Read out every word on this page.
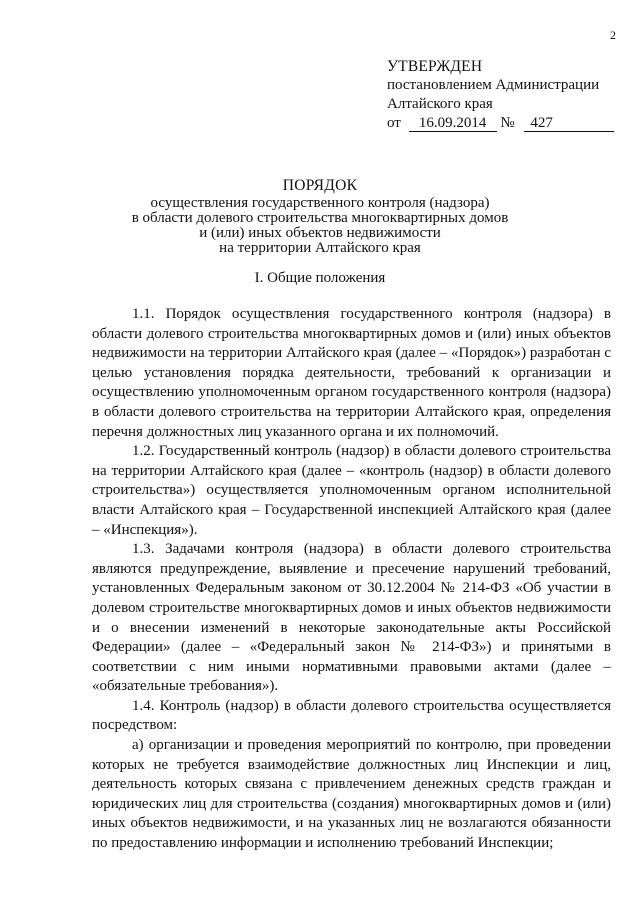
2
УТВЕРЖДЕН
постановлением Администрации
Алтайского края
от 16.09.2014 № 427
ПОРЯДОК
осуществления государственного контроля (надзора)
в области долевого строительства многоквартирных домов
и (или) иных объектов недвижимости
на территории Алтайского края
I. Общие положения

1.1. Порядок осуществления государственного контроля (надзора) в области долевого строительства многоквартирных домов и (или) иных объектов недвижимости на территории Алтайского края (далее – «Порядок») разработан с целью установления порядка деятельности, требований к организации и осуществлению уполномоченным органом государственного контроля (надзора) в области долевого строительства на территории Алтайского края, определения перечня должностных лиц указанного органа и их полномочий.

1.2. Государственный контроль (надзор) в области долевого строительства на территории Алтайского края (далее – «контроль (надзор) в области долевого строительства») осуществляется уполномоченным органом исполнительной власти Алтайского края – Государственной инспекцией Алтайского края (далее – «Инспекция»).

1.3. Задачами контроля (надзора) в области долевого строительства являются предупреждение, выявление и пресечение нарушений требований, установленных Федеральным законом от 30.12.2004 № 214-ФЗ «Об участии в долевом строительстве многоквартирных домов и иных объектов недвижимости и о внесении изменений в некоторые законодательные акты Российской Федерации» (далее – «Федеральный закон № 214-ФЗ») и принятыми в соответствии с ним иными нормативными правовыми актами (далее – «обязательные требования»).

1.4. Контроль (надзор) в области долевого строительства осуществляется посредством:

а) организации и проведения мероприятий по контролю, при проведении которых не требуется взаимодействие должностных лиц Инспекции и лиц, деятельность которых связана с привлечением денежных средств граждан и юридических лиц для строительства (создания) многоквартирных домов и (или) иных объектов недвижимости, и на указанных лиц не возлагаются обязанности по предоставлению информации и исполнению требований Инспекции;
